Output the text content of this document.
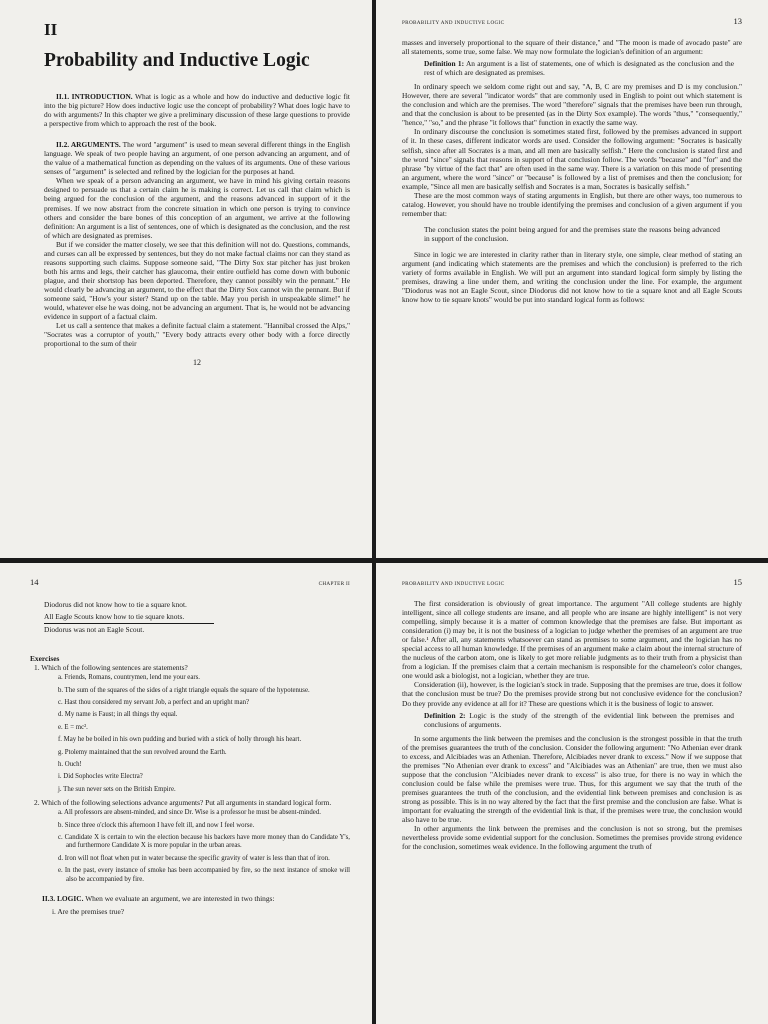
II
Probability and Inductive Logic

II.1. INTRODUCTION. What is logic as a whole and how do inductive and deductive logic fit into the big picture? How does inductive logic use the concept of probability? What does logic have to do with arguments? In this chapter we give a preliminary discussion of these large questions to provide a perspective from which to approach the rest of the book.

II.2. ARGUMENTS. The word "argument" is used to mean several different things in the English language. We speak of two people having an argument, of one person advancing an argument, and of the value of a mathematical function as depending on the values of its arguments. One of these various senses of "argument" is selected and refined by the logician for the purposes at hand.

When we speak of a person advancing an argument, we have in mind his giving certain reasons designed to persuade us that a certain claim he is making is correct. Let us call that claim which is being argued for the conclusion of the argument, and the reasons advanced in support of it the premises. If we now abstract from the concrete situation in which one person is trying to convince others and consider the bare bones of this conception of an argument, we arrive at the following definition: An argument is a list of sentences, one of which is designated as the conclusion, and the rest of which are designated as premises.

But if we consider the matter closely, we see that this definition will not do. Questions, commands, and curses can all be expressed by sentences, but they do not make factual claims nor can they stand as reasons supporting such claims. Suppose someone said, "The Dirty Sox star pitcher has just broken both his arms and legs, their catcher has glaucoma, their entire outfield has come down with bubonic plague, and their shortstop has been deported. Therefore, they cannot possibly win the pennant." He would clearly be advancing an argument, to the effect that the Dirty Sox cannot win the pennant. But if someone said, "How's your sister? Stand up on the table. May you perish in unspeakable slime!" he would, whatever else he was doing, not be advancing an argument. That is, he would not be advancing evidence in support of a factual claim.

Let us call a sentence that makes a definite factual claim a statement. "Hannibal crossed the Alps," "Socrates was a corruptor of youth," "Every body attracts every other body with a force directly proportional to the sum of their

12
PROBABILITY AND INDUCTIVE LOGIC	13

masses and inversely proportional to the square of their distance," and "The moon is made of avocado paste" are all statements, some true, some false. We may now formulate the logician's definition of an argument:

Definition 1: An argument is a list of statements, one of which is designated as the conclusion and the rest of which are designated as premises.

In ordinary speech we seldom come right out and say, "A, B, C are my premises and D is my conclusion." However, there are several "indicator words" that are commonly used in English to point out which statement is the conclusion and which are the premises. The word "therefore" signals that the premises have been run through, and that the conclusion is about to be presented (as in the Dirty Sox example). The words "thus," "consequently," "hence," "so," and the phrase "it follows that" function in exactly the same way.

In ordinary discourse the conclusion is sometimes stated first, followed by the premises advanced in support of it. In these cases, different indicator words are used. Consider the following argument: "Socrates is basically selfish, since after all Socrates is a man, and all men are basically selfish." Here the conclusion is stated first and the word "since" signals that reasons in support of that conclusion follow. The words "because" and "for" and the phrase "by virtue of the fact that" are often used in the same way. There is a variation on this mode of presenting an argument, where the word "since" or "because" is followed by a list of premises and then the conclusion; for example, "Since all men are basically selfish and Socrates is a man, Socrates is basically selfish."

These are the most common ways of stating arguments in English, but there are other ways, too numerous to catalog. However, you should have no trouble identifying the premises and conclusion of a given argument if you remember that:

The conclusion states the point being argued for and the premises state the reasons being advanced in support of the conclusion.

Since in logic we are interested in clarity rather than in literary style, one simple, clear method of stating an argument (and indicating which statements are the premises and which the conclusion) is preferred to the rich variety of forms available in English. We will put an argument into standard logical form simply by listing the premises, drawing a line under them, and writing the conclusion under the line. For example, the argument "Diodorus was not an Eagle Scout, since Diodorus did not know how to tie a square knot and all Eagle Scouts know how to tie square knots" would be put into standard logical form as follows:

14	CHAPTER II
Diodorus did not know how to tie a square knot.
All Eagle Scouts know how to tie square knots.
Diodorus was not an Eagle Scout.

Exercises

1. Which of the following sentences are statements?
a. Friends, Romans, countrymen, lend me your ears.
b. The sum of the squares of the sides of a right triangle equals the square of the hypotenuse.
c. Hast thou considered my servant Job, a perfect and an upright man?
d. My name is Faust; in all things thy equal.
e. E = mc².
f. May he be boiled in his own pudding and buried with a stick of holly through his heart.
g. Ptolemy maintained that the sun revolved around the Earth.
h. Ouch!
i. Did Sophocles write Electra?
j. The sun never sets on the British Empire.
2. Which of the following selections advance arguments? Put all arguments in standard logical form.
a. All professors are absent-minded, and since Dr. Wise is a professor he must be absent-minded.
b. Since three o'clock this afternoon I have felt ill, and now I feel worse.
c. Candidate X is certain to win the election because his backers have more money than do Candidate Y's, and furthermore Candidate X is more popular in the urban areas.
d. Iron will not float when put in water because the specific gravity of water is less than that of iron.
e. In the past, every instance of smoke has been accompanied by fire, so the next instance of smoke will also be accompanied by fire.

II.3. LOGIC. When we evaluate an argument, we are interested in two things:

i. Are the premises true?

PROBABILITY AND INDUCTIVE LOGIC	15

The first consideration is obviously of great importance. The argument "All college students are highly intelligent, since all college students are insane, and all people who are insane are highly intelligent" is not very compelling, simply because it is a matter of common knowledge that the premises are false. But important as consideration (i) may be, it is not the business of a logician to judge whether the premises of an argument are true or false.¹ After all, any statements whatsoever can stand as premises to some argument, and the logician has no special access to all human knowledge. If the premises of an argument make a claim about the internal structure of the nucleus of the carbon atom, one is likely to get more reliable judgments as to their truth from a physicist than from a logician. If the premises claim that a certain mechanism is responsible for the chameleon's color changes, one would ask a biologist, not a logician, whether they are true.

Consideration (ii), however, is the logician's stock in trade. Supposing that the premises are true, does it follow that the conclusion must be true? Do the premises provide strong but not conclusive evidence for the conclusion? Do they provide any evidence at all for it? These are questions which it is the business of logic to answer.

Definition 2: Logic is the study of the strength of the evidential link between the premises and conclusions of arguments.

In some arguments the link between the premises and the conclusion is the strongest possible in that the truth of the premises guarantees the truth of the conclusion. Consider the following argument: "No Athenian ever drank to excess, and Alcibiades was an Athenian. Therefore, Alcibiades never drank to excess." Now if we suppose that the premises "No Athenian ever drank to excess" and "Alcibiades was an Athenian" are true, then we must also suppose that the conclusion "Alcibiades never drank to excess" is also true, for there is no way in which the conclusion could be false while the premises were true. Thus, for this argument we say that the truth of the premises guarantees the truth of the conclusion, and the evidential link between premises and conclusion is as strong as possible. This is in no way altered by the fact that the first premise and the conclusion are false. What is important for evaluating the strength of the evidential link is that, if the premises were true, the conclusion would also have to be true.

In other arguments the link between the premises and the conclusion is not so strong, but the premises nevertheless provide some evidential support for the conclusion. Sometimes the premises provide strong evidence for the conclusion, sometimes weak evidence. In the following argument the truth of
